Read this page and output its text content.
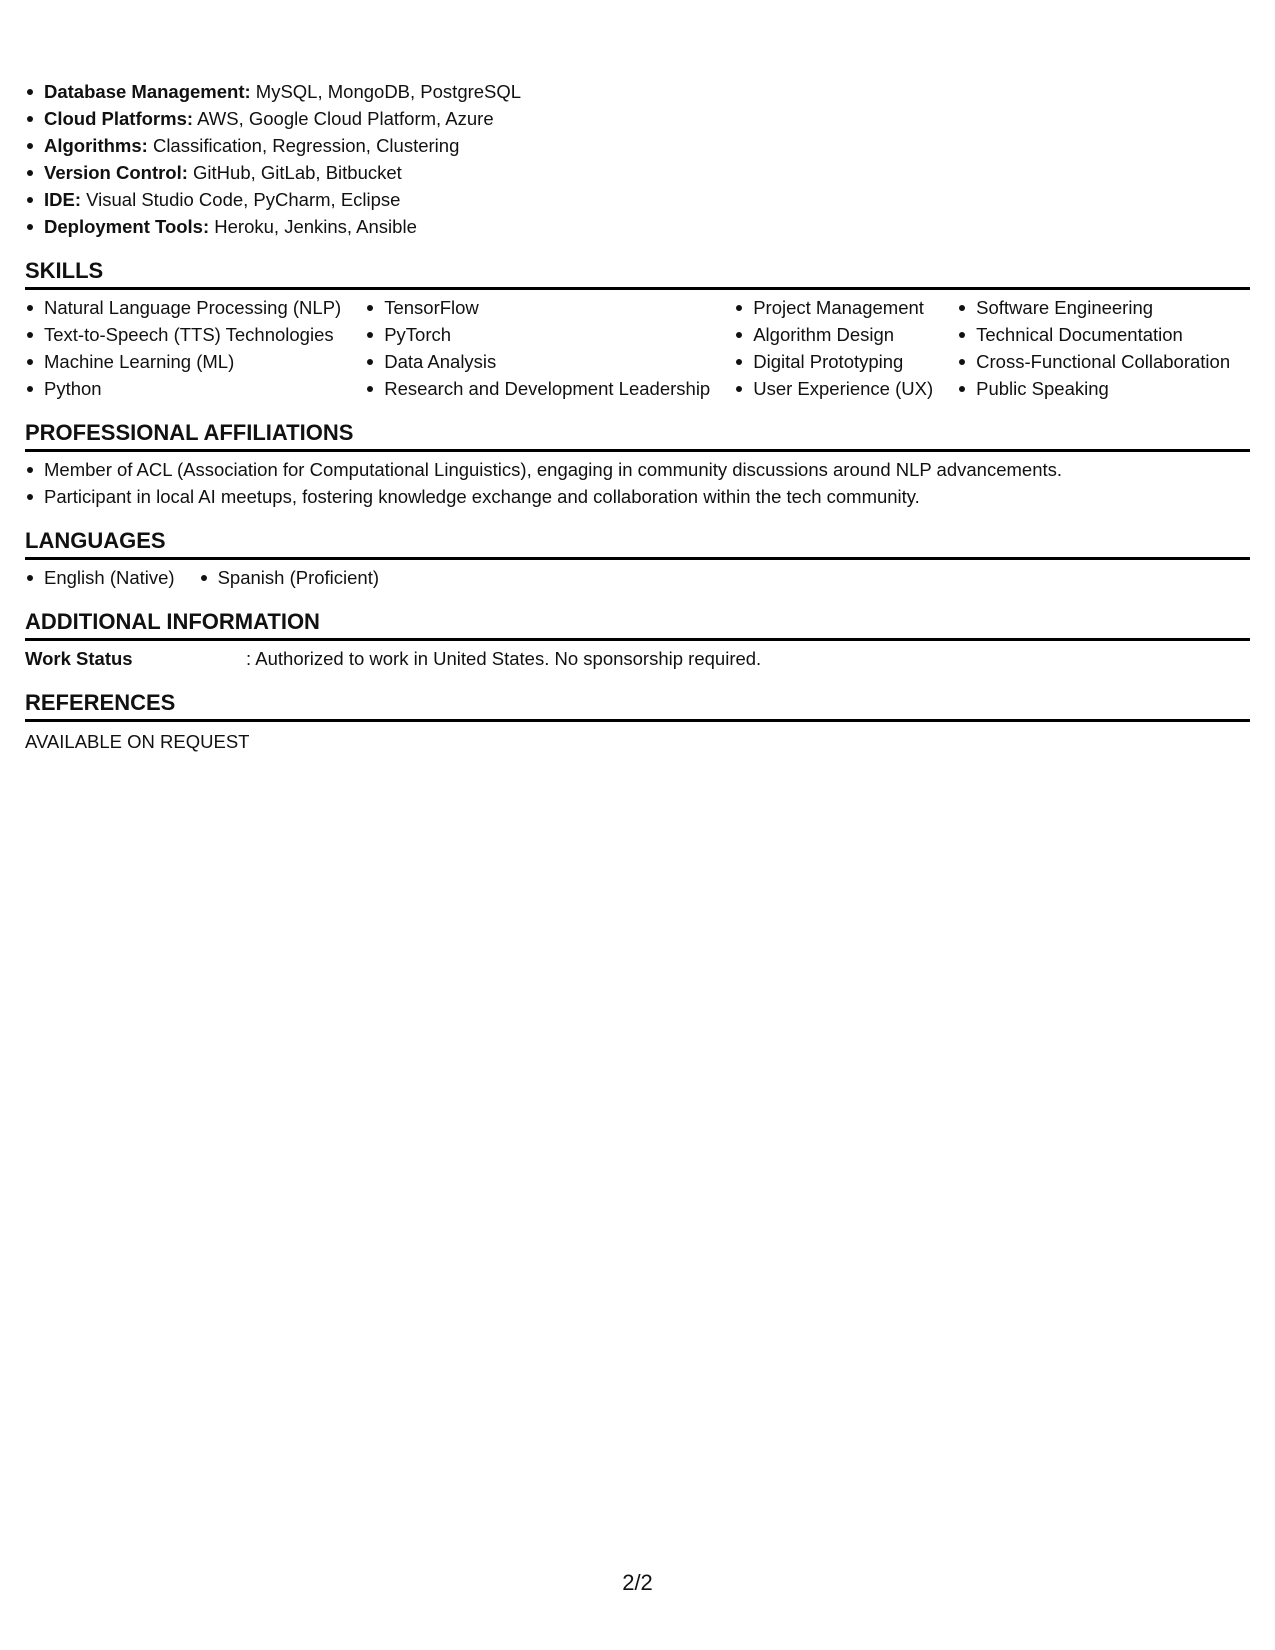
Database Management: MySQL, MongoDB, PostgreSQL
Cloud Platforms: AWS, Google Cloud Platform, Azure
Algorithms: Classification, Regression, Clustering
Version Control: GitHub, GitLab, Bitbucket
IDE: Visual Studio Code, PyCharm, Eclipse
Deployment Tools: Heroku, Jenkins, Ansible
SKILLS
Natural Language Processing (NLP)
Text-to-Speech (TTS) Technologies
Machine Learning (ML)
Python
TensorFlow
PyTorch
Data Analysis
Research and Development Leadership
Project Management
Algorithm Design
Digital Prototyping
User Experience (UX)
Software Engineering
Technical Documentation
Cross-Functional Collaboration
Public Speaking
PROFESSIONAL AFFILIATIONS
Member of ACL (Association for Computational Linguistics), engaging in community discussions around NLP advancements.
Participant in local AI meetups, fostering knowledge exchange and collaboration within the tech community.
LANGUAGES
English (Native)	Spanish (Proficient)
ADDITIONAL INFORMATION
Work Status	: Authorized to work in United States. No sponsorship required.
REFERENCES
AVAILABLE ON REQUEST
2/2
